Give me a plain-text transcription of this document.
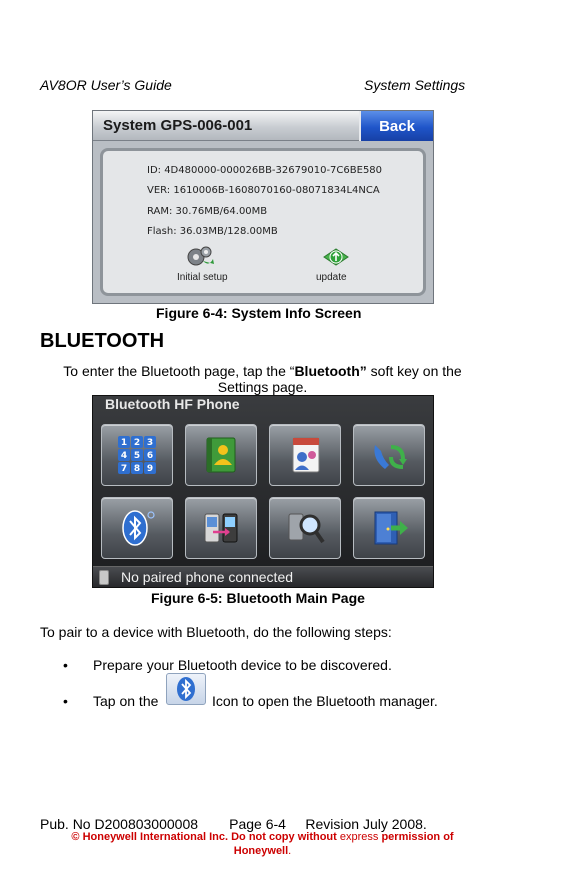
AV8OR User’s Guide	System Settings
System GPS-006-001	Back
ID: 4D480000-000026BB-32679010-7C6BE580
VER: 1610006B-1608070160-08071834L4NCA
RAM: 30.76MB/64.00MB
Flash: 36.03MB/128.00MB
Initial setup	update
Figure 6-4: System Info Screen
BLUETOOTH
To enter the Bluetooth page, tap the “Bluetooth” soft key on the
Settings page.
Bluetooth HF Phone
1 2 3
4 5 6
7 8 9
No paired phone connected
Figure 6-5: Bluetooth Main Page
To pair to a device with Bluetooth, do the following steps:
• Prepare your Bluetooth device to be discovered.
• Tap on the	Icon to open the Bluetooth manager.
Pub. No D200803000008        Page 6-4     Revision July 2008.
© Honeywell International Inc. Do not copy without express permission of
Honeywell.
